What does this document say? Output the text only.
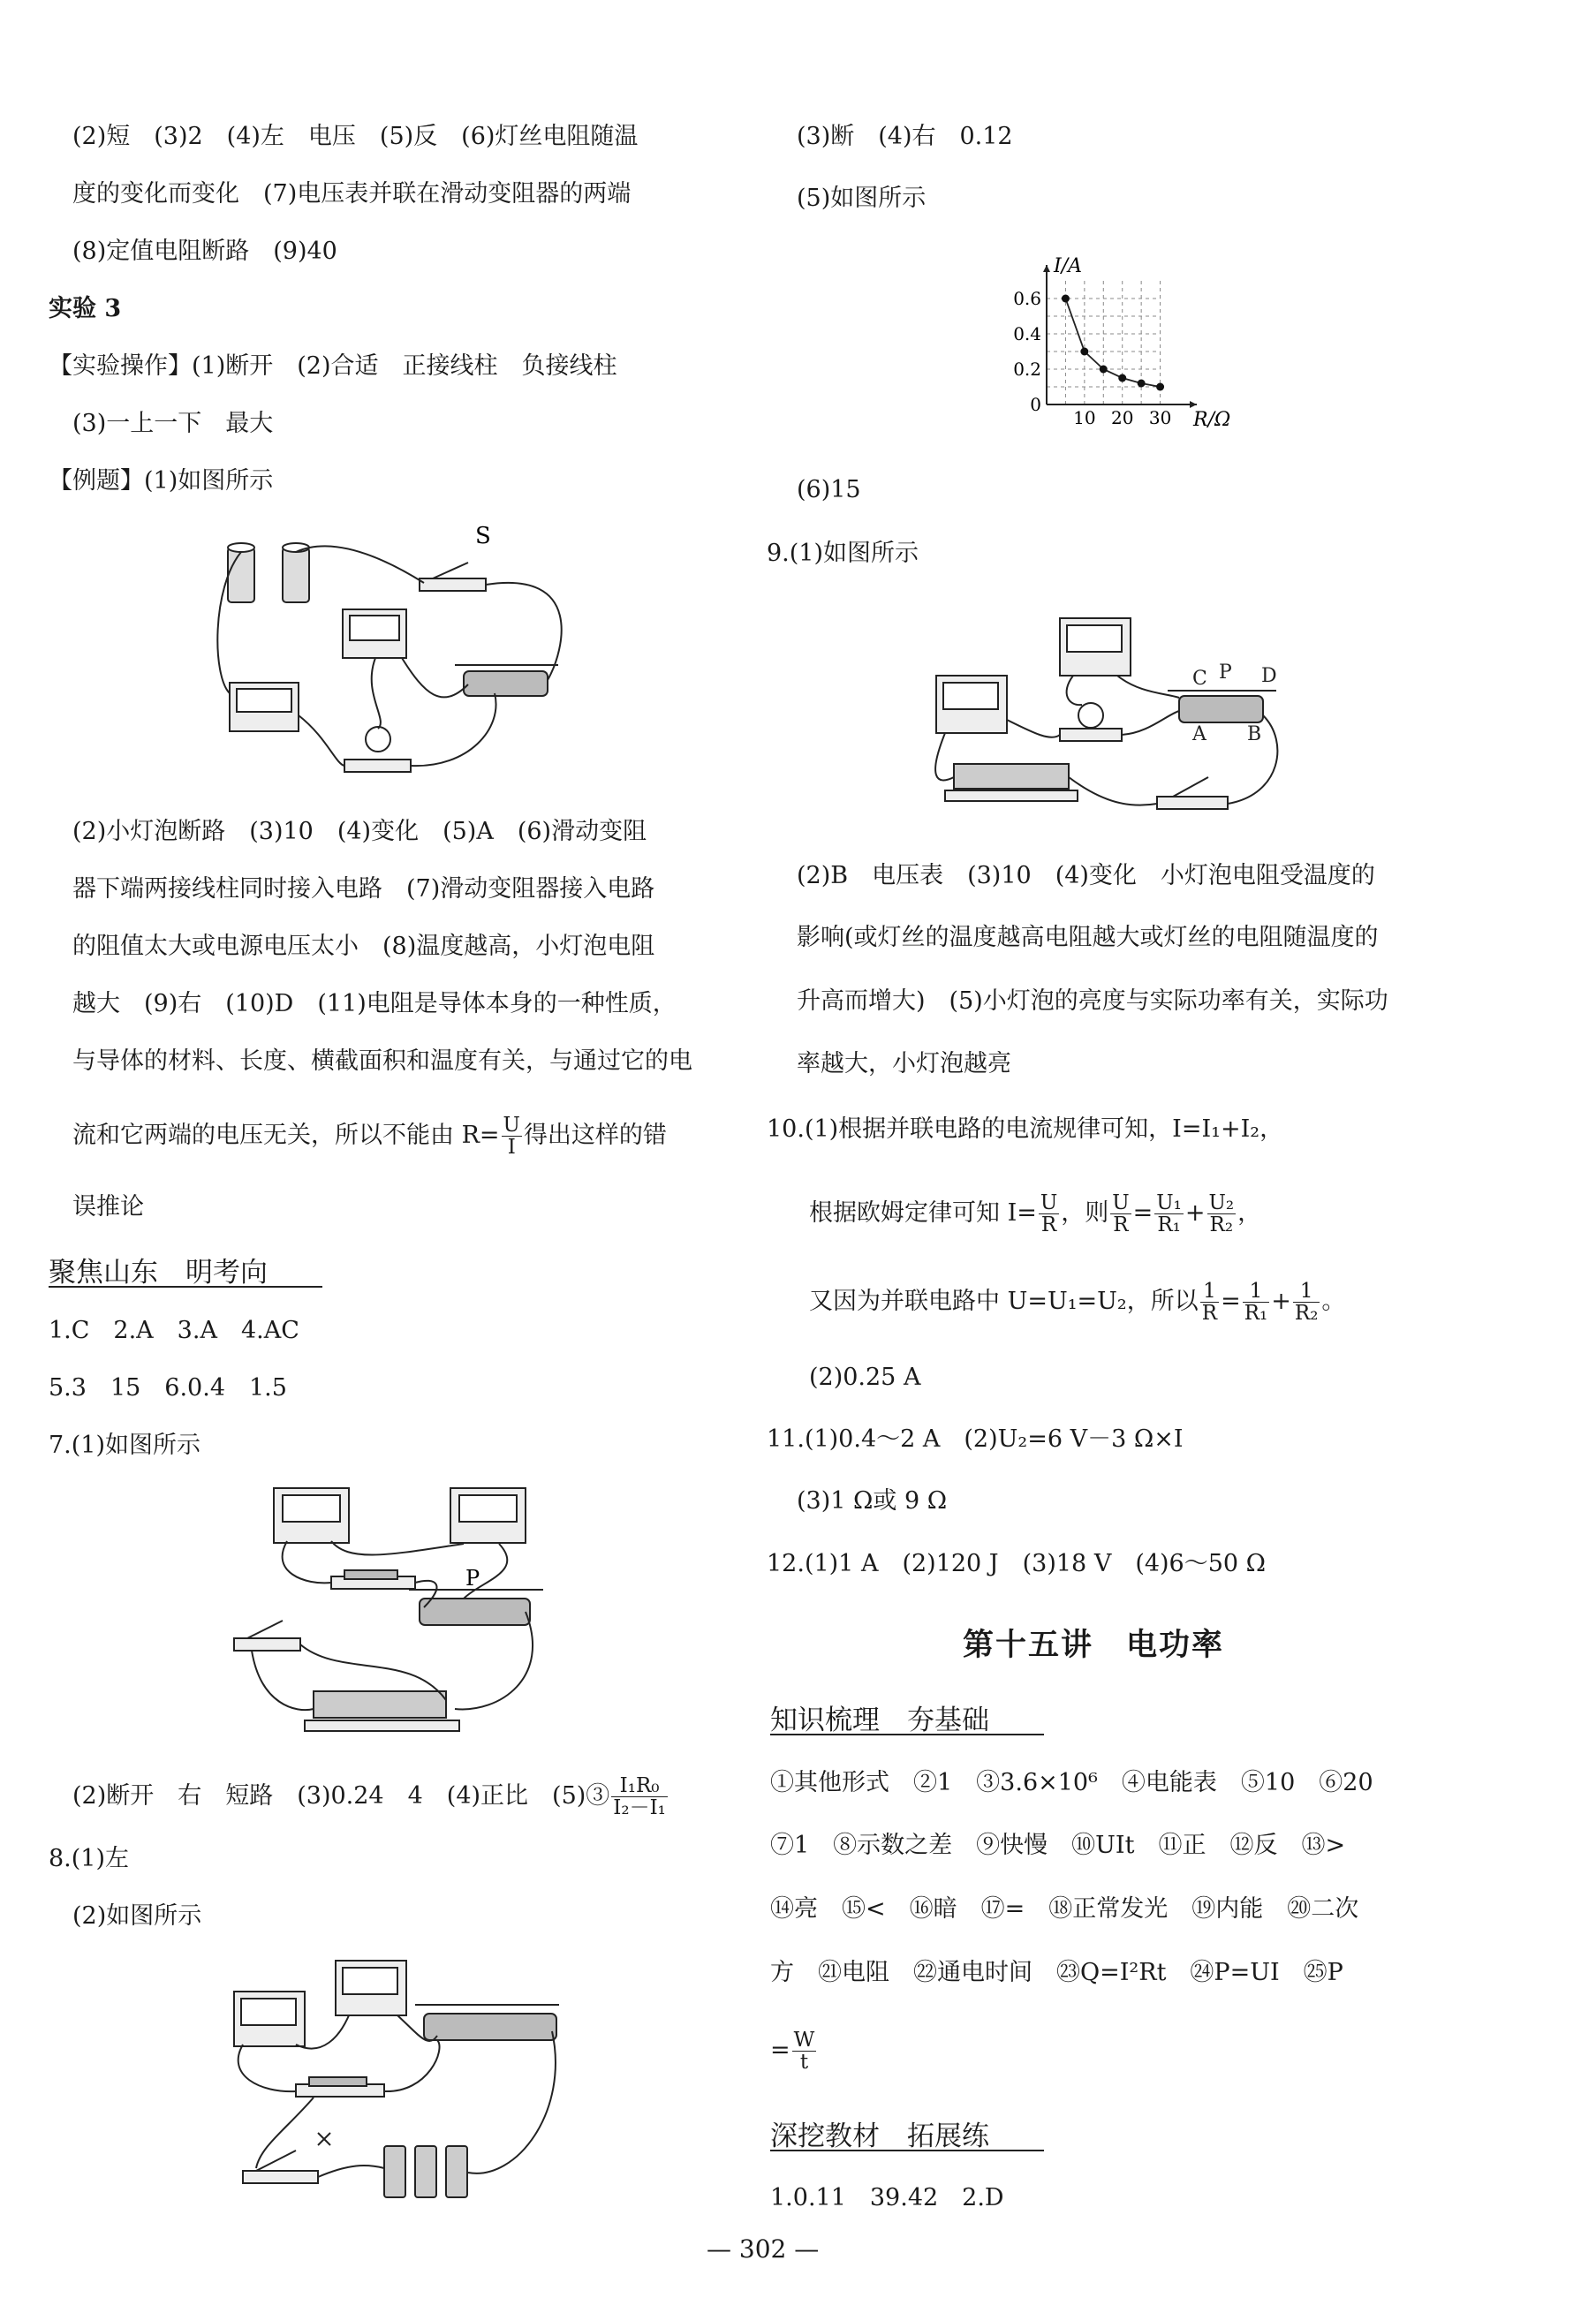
(2)短　(3)2　(4)左　电压　(5)反　(6)灯丝电阻随温
度的变化而变化　(7)电压表并联在滑动变阻器的两端
(8)定值电阻断路　(9)40
实验 3
【实验操作】(1)断开　(2)合适　正接线柱　负接线柱
(3)一上一下　最大
【例题】(1)如图所示
S
(2)小灯泡断路　(3)10　(4)变化　(5)A　(6)滑动变阻
器下端两接线柱同时接入电路　(7)滑动变阻器接入电路
的阻值太大或电源电压太小　(8)温度越高，小灯泡电阻
越大　(9)右　(10)D　(11)电阻是导体本身的一种性质，
与导体的材料、长度、横截面积和温度有关，与通过它的电
流和它两端的电压无关，所以不能由 $R= \frac{U}{I}$ 得出这样的错
误推论
聚焦山东　明考向
1.C　2.A　3.A　4.AC
5.3　15　6.0.4　1.5
7.(1)如图所示
P
(2)断开　右　短路　(3)0.24　4　(4)正比　(5)③ $\frac{\text{I₁R₀}}{\text{I₂－I₁}}$
8.(1)左
(2)如图所示
(3)断　(4)右　0.12
(5)如图所示
10 20 30
0
0.2
0.4
0.6
I/A
R/Ω
(6)15
9.(1)如图所示
C P D
A B
(2)B　电压表　(3)10　(4)变化　小灯泡电阻受温度的
影响(或灯丝的温度越高电阻越大或灯丝的电阻随温度的
升高而增大)　(5)小灯泡的亮度与实际功率有关，实际功
率越大，小灯泡越亮
10.(1)根据并联电路的电流规律可知，I=I₁+I₂，
根据欧姆定律可知 $I= \frac{U}{R}$ ，则 $\frac{U}{R} = \frac{\text{U₁}}{\text{R₁}} + \frac{\text{U₂}}{\text{R₂}}$ ，
又因为并联电路中 U=U₁=U₂，所以 $\frac{1}{R} = \frac{1}{\text{R₁}} + \frac{1}{\text{R₂}}$ 。
(2)0.25 A
11.(1)0.4～2 A　(2)U₂=6 V－3 Ω×I
(3)1 Ω或 9 Ω
12.(1)1 A　(2)120 J　(3)18 V　(4)6～50 Ω
第十五讲　电功率
知识梳理　夯基础
①其他形式　②1　③3.6×10⁶　④电能表　⑤10　⑥20
⑦1　⑧示数之差　⑨快慢　⑩UIt　⑪正　⑫反　⑬>
⑭亮　⑮<　⑯暗　⑰=　⑱正常发光　⑲内能　⑳二次
方　㉑电阻　㉒通电时间　㉓Q=I²Rt　㉔P=UI　㉕P
= $\frac{W}{t}$
深挖教材　拓展练
1.0.11　39.42　2.D
— 302 —
